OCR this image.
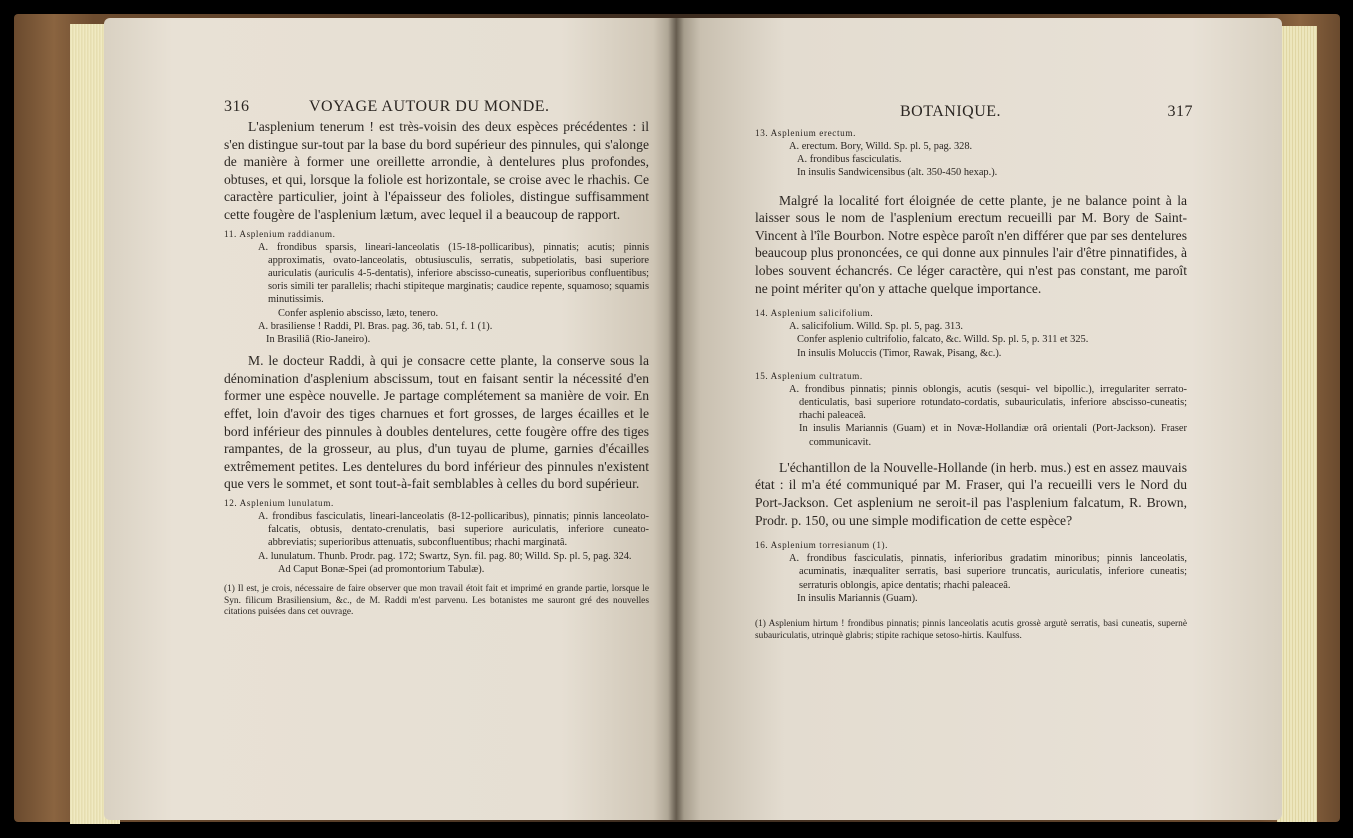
316	VOYAGE AUTOUR DU MONDE.

L'asplenium tenerum ! est très-voisin des deux espèces précédentes : il s'en distingue sur-tout par la base du bord supérieur des pinnules, qui s'alonge de manière à former une oreillette arrondie, à dentelures plus profondes, obtuses, et qui, lorsque la foliole est horizontale, se croise avec le rhachis. Ce caractère particulier, joint à l'épaisseur des folioles, distingue suffisamment cette fougère de l'asplenium lætum, avec lequel il a beaucoup de rapport.

11. Asplenium raddianum.

A. frondibus sparsis, lineari-lanceolatis (15-18-pollicaribus), pinnatis; acutis; pinnis approximatis, ovato-lanceolatis, obtusiusculis, serratis, subpetiolatis, basi superiore auriculatis (auriculis 4-5-dentatis), inferiore abscisso-cuneatis, superioribus confluentibus; soris simili ter parallelis; rhachi stipiteque marginatis; caudice repente, squamoso; squamis minutissimis.

Confer asplenio abscisso, læto, tenero.

A. brasiliense ! Raddi, Pl. Bras. pag. 36, tab. 51, f. 1 (1).

In Brasiliâ (Rio-Janeiro).

M. le docteur Raddi, à qui je consacre cette plante, la conserve sous la dénomination d'asplenium abscissum, tout en faisant sentir la nécessité d'en former une espèce nouvelle. Je partage complétement sa manière de voir. En effet, loin d'avoir des tiges charnues et fort grosses, de larges écailles et le bord inférieur des pinnules à doubles dentelures, cette fougère offre des tiges rampantes, de la grosseur, au plus, d'un tuyau de plume, garnies d'écailles extrêmement petites. Les dentelures du bord inférieur des pinnules n'existent que vers le sommet, et sont tout-à-fait semblables à celles du bord supérieur.

12. Asplenium lunulatum.

A. frondibus fasciculatis, lineari-lanceolatis (8-12-pollicaribus), pinnatis; pinnis lanceolato-falcatis, obtusis, dentato-crenulatis, basi superiore auriculatis, inferiore cuneato-abbreviatis; superioribus attenuatis, subconfluentibus; rhachi marginatâ.

A. lunulatum. Thunb. Prodr. pag. 172; Swartz, Syn. fil. pag. 80; Willd. Sp. pl. 5, pag. 324.

Ad Caput Bonæ-Spei (ad promontorium Tabulæ).

(1) Il est, je crois, nécessaire de faire observer que mon travail étoit fait et imprimé en grande partie, lorsque le Syn. filicum Brasiliensium, &c., de M. Raddi m'est parvenu. Les botanistes me sauront gré des nouvelles citations puisées dans cet ouvrage.

BOTANIQUE.	317

13. Asplenium erectum.

A. erectum. Bory, Willd. Sp. pl. 5, pag. 328.

A. frondibus fasciculatis.

In insulis Sandwicensibus (alt. 350-450 hexap.).

Malgré la localité fort éloignée de cette plante, je ne balance point à la laisser sous le nom de l'asplenium erectum recueilli par M. Bory de Saint-Vincent à l'île Bourbon. Notre espèce paroît n'en différer que par ses dentelures beaucoup plus prononcées, ce qui donne aux pinnules l'air d'être pinnatifides, à lobes souvent échancrés. Ce léger caractère, qui n'est pas constant, me paroît ne point mériter qu'on y attache quelque importance.

14. Asplenium salicifolium.

A. salicifolium. Willd. Sp. pl. 5, pag. 313.

Confer asplenio cultrifolio, falcato, &c. Willd. Sp. pl. 5, p. 311 et 325.

In insulis Moluccis (Timor, Rawak, Pisang, &c.).

15. Asplenium cultratum.

A. frondibus pinnatis; pinnis oblongis, acutis (sesqui- vel bipollic.), irregulariter serrato-denticulatis, basi superiore rotundato-cordatis, subauriculatis, inferiore abscisso-cuneatis; rhachi paleaceâ.

In insulis Mariannis (Guam) et in Novæ-Hollandiæ orâ orientali (Port-Jackson). Fraser communicavit.

L'échantillon de la Nouvelle-Hollande (in herb. mus.) est en assez mauvais état : il m'a été communiqué par M. Fraser, qui l'a recueilli vers le Nord du Port-Jackson. Cet asplenium ne seroit-il pas l'asplenium falcatum, R. Brown, Prodr. p. 150, ou une simple modification de cette espèce?

16. Asplenium torresianum (1).

A. frondibus fasciculatis, pinnatis, inferioribus gradatim minoribus; pinnis lanceolatis, acuminatis, inæqualiter serratis, basi superiore truncatis, auriculatis, inferiore cuneatis; serraturis oblongis, apice dentatis; rhachi paleaceâ.

In insulis Mariannis (Guam).

(1) Asplenium hirtum ! frondibus pinnatis; pinnis lanceolatis acutis grossè argutè serratis, basi cuneatis, supernè subauriculatis, utrinquè glabris; stipite rachique setoso-hirtis. Kaulfuss.
